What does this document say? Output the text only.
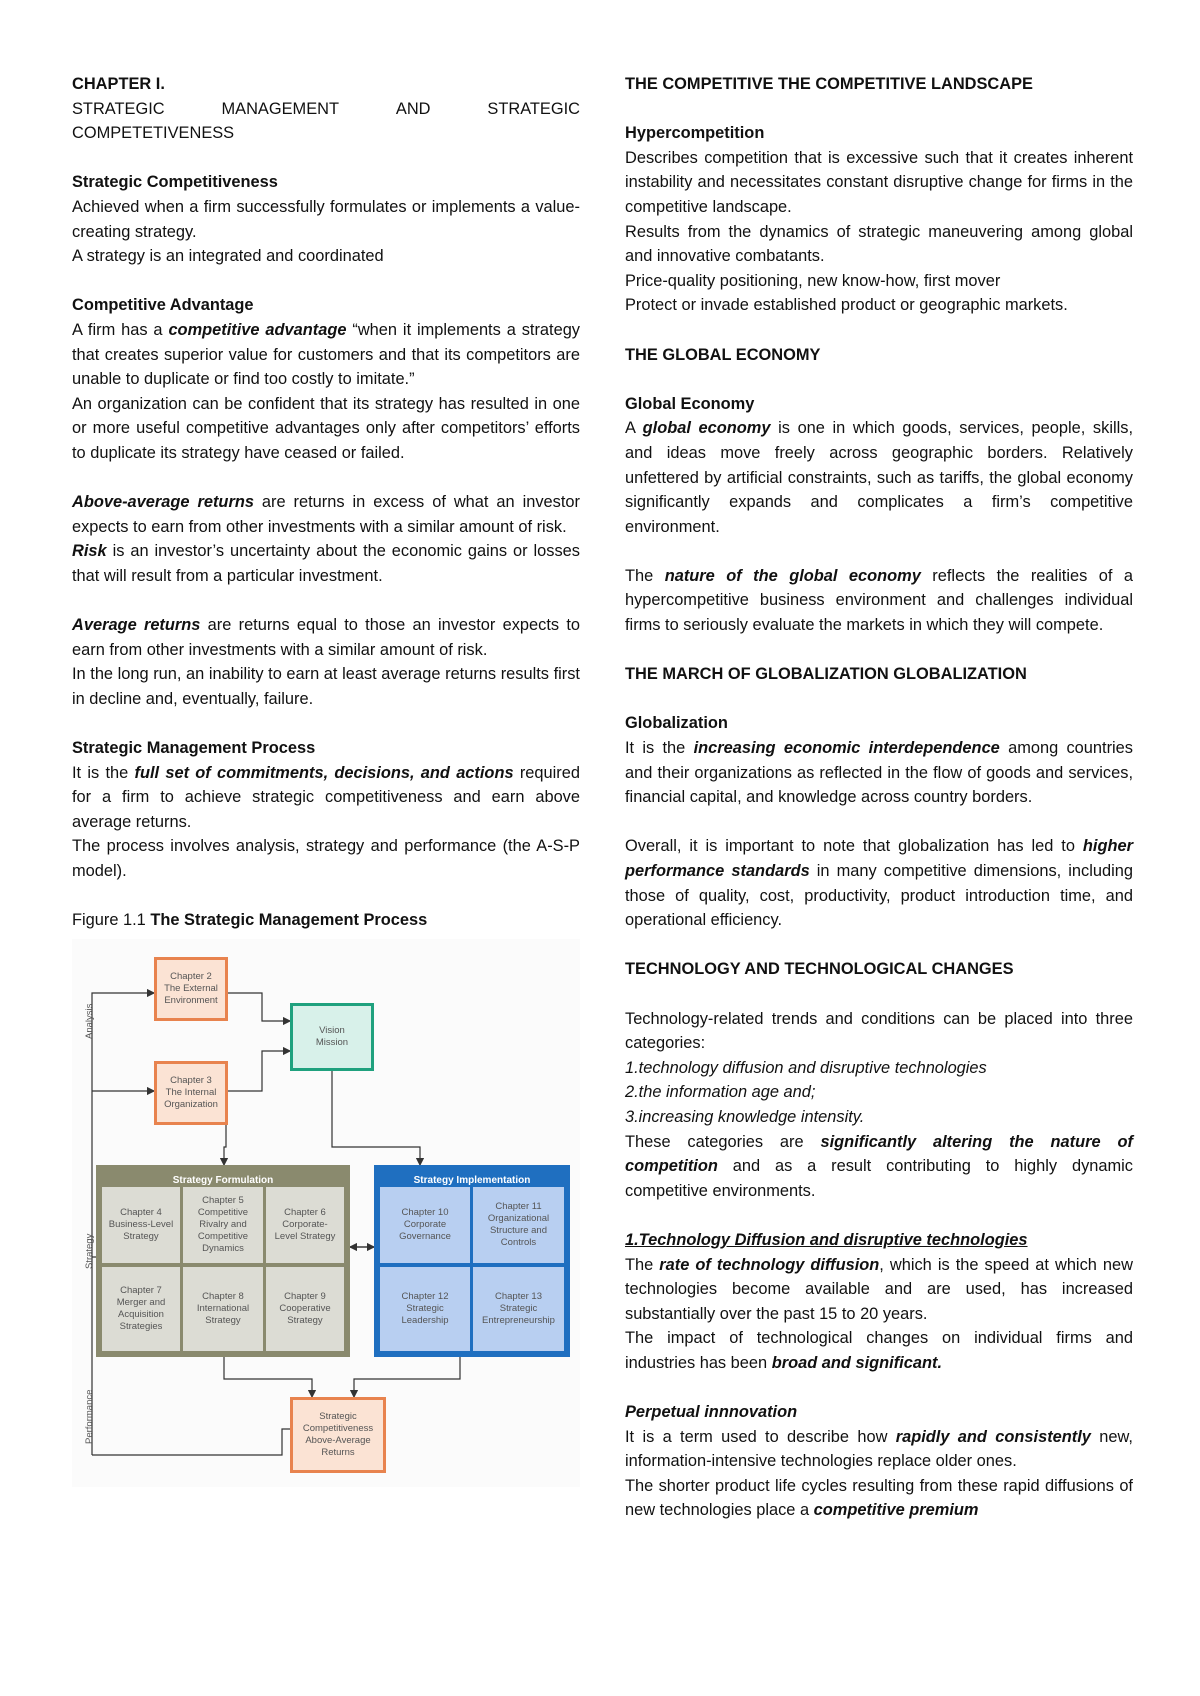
CHAPTER I.

STRATEGIC	MANAGEMENT	AND	STRATEGIC

COMPETETIVENESS

Strategic Competitiveness

Achieved when a firm successfully formulates or implements a value-creating strategy.

A strategy is an integrated and coordinated

Competitive Advantage

A firm has a competitive advantage “when it implements a strategy that creates superior value for customers and that its competitors are unable to duplicate or find too costly to imitate.”

An organization can be confident that its strategy has resulted in one or more useful competitive advantages only after competitors’ efforts to duplicate its strategy have ceased or failed.

Above-average returns are returns in excess of what an investor expects to earn from other investments with a similar amount of risk.

Risk is an investor’s uncertainty about the economic gains or losses that will result from a particular investment.

Average returns are returns equal to those an investor expects to earn from other investments with a similar amount of risk.

In the long run, an inability to earn at least average returns results first in decline and, eventually, failure.

Strategic Management Process

It is the full set of commitments, decisions, and actions required for a firm to achieve strategic competitiveness and earn above average returns.

The process involves analysis, strategy and performance (the A-S-P model).

Figure 1.1 The Strategic Management Process

Analysis
Strategy
Performance
Chapter 2
The External
Environment
Chapter 3
The Internal
Organization
Vision
Mission
Strategy Formulation
Chapter 4
Business-Level
Strategy
Chapter 5
Competitive
Rivalry and
Competitive
Dynamics
Chapter 6
Corporate-
Level Strategy
Chapter 7
Merger and
Acquisition
Strategies
Chapter 8
International
Strategy
Chapter 9
Cooperative
Strategy
Strategy Implementation
Chapter 10
Corporate
Governance
Chapter 11
Organizational
Structure and
Controls
Chapter 12
Strategic
Leadership
Chapter 13
Strategic
Entrepreneurship
Strategic
Competitiveness
Above-Average
Returns

THE COMPETITIVE THE COMPETITIVE LANDSCAPE

Hypercompetition

Describes competition that is excessive such that it creates inherent instability and necessitates constant disruptive change for firms in the competitive landscape.

Results from the dynamics of strategic maneuvering among global and innovative combatants.

Price-quality positioning, new know-how, first mover

Protect or invade established product or geographic markets.

THE GLOBAL ECONOMY

Global Economy

A global economy is one in which goods, services, people, skills, and ideas move freely across geographic borders. Relatively unfettered by artificial constraints, such as tariffs, the global economy significantly expands and complicates a firm’s competitive environment.

The nature of the global economy reflects the realities of a hypercompetitive business environment and challenges individual firms to seriously evaluate the markets in which they will compete.

THE MARCH OF GLOBALIZATION GLOBALIZATION

Globalization

It is the increasing economic interdependence among countries and their organizations as reflected in the flow of goods and services, financial capital, and knowledge across country borders.

Overall, it is important to note that globalization has led to higher performance standards in many competitive dimensions, including those of quality, cost, productivity, product introduction time, and operational efficiency.

TECHNOLOGY AND TECHNOLOGICAL CHANGES

Technology-related trends and conditions can be placed into three categories:

1.technology diffusion and disruptive technologies

2.the information age and;

3.increasing knowledge intensity.

These categories are significantly altering the nature of competition and as a result contributing to highly dynamic competitive environments.

1.Technology Diffusion and disruptive technologies

The rate of technology diffusion, which is the speed at which new technologies become available and are used, has increased substantially over the past 15 to 20 years.

The impact of technological changes on individual firms and industries has been broad and significant.

Perpetual innnovation

It is a term used to describe how rapidly and consistently new, information-intensive technologies replace older ones.

The shorter product life cycles resulting from these rapid diffusions of new technologies place a competitive premium
